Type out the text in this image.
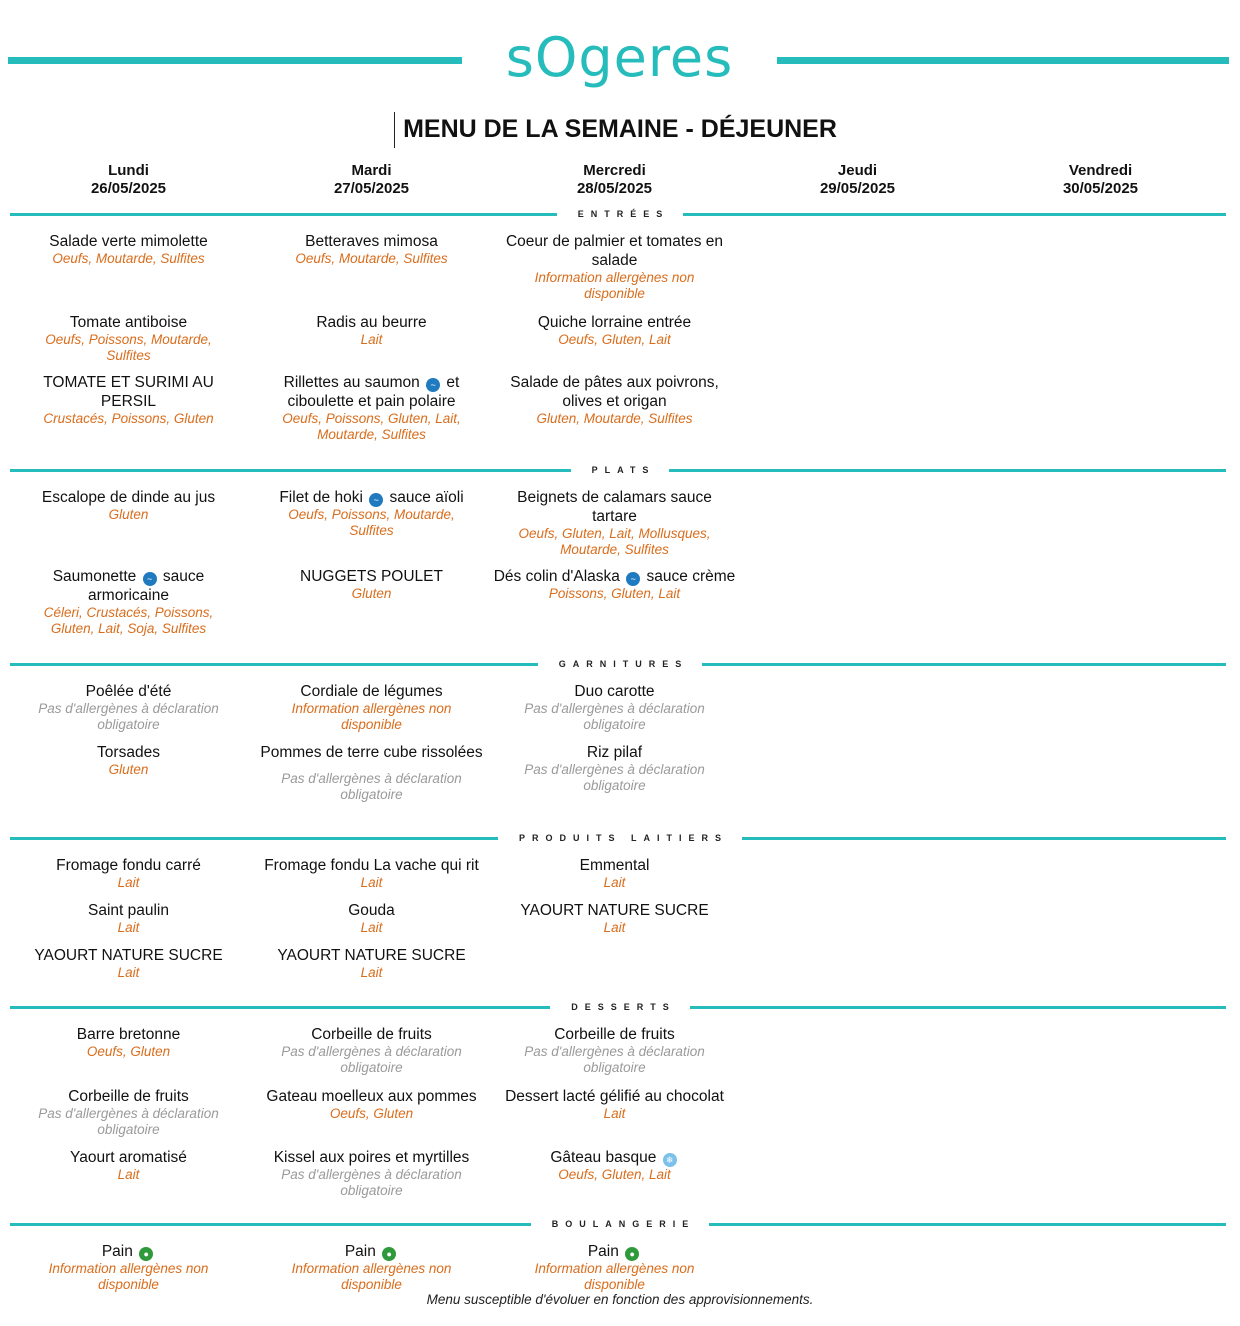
sOgeres
MENU DE LA SEMAINE - DÉJEUNER
Lundi
26/05/2025
Mardi
27/05/2025
Mercredi
28/05/2025
Jeudi
29/05/2025
Vendredi
30/05/2025
ENTRÉES
Salade verte mimolette
Oeufs, Moutarde, Sulfites
Tomate antiboise
Oeufs, Poissons, Moutarde, Sulfites
TOMATE ET SURIMI AU PERSIL
Crustacés, Poissons, Gluten
Betteraves mimosa
Oeufs, Moutarde, Sulfites
Radis au beurre
Lait
Rillettes au saumon ~ et ciboulette et pain polaire
Oeufs, Poissons, Gluten, Lait, Moutarde, Sulfites
Coeur de palmier et tomates en salade
Information allergènes non disponible
Quiche lorraine entrée
Oeufs, Gluten, Lait
Salade de pâtes aux poivrons, olives et origan
Gluten, Moutarde, Sulfites
PLATS
Escalope de dinde au jus
Gluten
Saumonette ~ sauce armoricaine
Céleri, Crustacés, Poissons, Gluten, Lait, Soja, Sulfites
Filet de hoki ~ sauce aïoli
Oeufs, Poissons, Moutarde, Sulfites
NUGGETS POULET
Gluten
Beignets de calamars sauce tartare
Oeufs, Gluten, Lait, Mollusques, Moutarde, Sulfites
Dés colin d'Alaska ~ sauce crème
Poissons, Gluten, Lait
GARNITURES
Poêlée d'été
Pas d'allergènes à déclaration obligatoire
Torsades
Gluten
Cordiale de légumes
Information allergènes non disponible
Pommes de terre cube rissolées
Pas d'allergènes à déclaration obligatoire
Duo carotte
Pas d'allergènes à déclaration obligatoire
Riz pilaf
Pas d'allergènes à déclaration obligatoire
PRODUITS LAITIERS
Fromage fondu carré
Lait
Saint paulin
Lait
YAOURT NATURE SUCRE
Lait
Fromage fondu La vache qui rit
Lait
Gouda
Lait
YAOURT NATURE SUCRE
Lait
Emmental
Lait
YAOURT NATURE SUCRE
Lait
DESSERTS
Barre bretonne
Oeufs, Gluten
Corbeille de fruits
Pas d'allergènes à déclaration obligatoire
Yaourt aromatisé
Lait
Corbeille de fruits
Pas d'allergènes à déclaration obligatoire
Gateau moelleux aux pommes
Oeufs, Gluten
Kissel aux poires et myrtilles
Pas d'allergènes à déclaration obligatoire
Corbeille de fruits
Pas d'allergènes à déclaration obligatoire
Dessert lacté gélifié au chocolat
Lait
Gâteau basque ❄
Oeufs, Gluten, Lait
BOULANGERIE
Pain ●
Information allergènes non disponible
Pain ●
Information allergènes non disponible
Pain ●
Information allergènes non disponible
Menu susceptible d'évoluer en fonction des approvisionnements.
